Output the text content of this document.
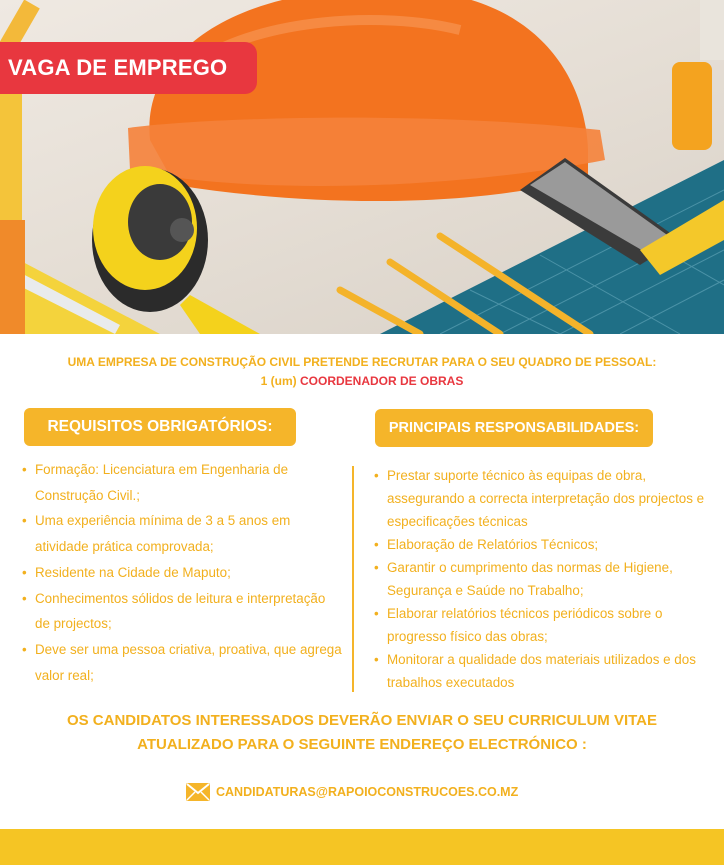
VAGA DE EMPREGO
UMA EMPRESA DE CONSTRUÇÃO CIVIL PRETENDE RECRUTAR PARA O SEU QUADRO DE PESSOAL:
1 (um) COORDENADOR DE OBRAS
REQUISITOS OBRIGATÓRIOS:	PRINCIPAIS RESPONSABILIDADES:
• Formação: Licenciatura em Engenharia de Construção Civil.;
• Uma experiência mínima de 3 a 5 anos em atividade prática comprovada;
• Residente na Cidade de Maputo;
• Conhecimentos sólidos de leitura e interpretação de projectos;
• Deve ser uma pessoa criativa, proativa, que agrega valor real;
• Prestar suporte técnico às equipas de obra, assegurando a correcta interpretação dos projectos e especificações técnicas
• Elaboração de Relatórios Técnicos;
• Garantir o cumprimento das normas de Higiene, Segurança e Saúde no Trabalho;
• Elaborar relatórios técnicos periódicos sobre o progresso físico das obras;
• Monitorar a qualidade dos materiais utilizados e dos trabalhos executados
OS CANDIDATOS INTERESSADOS DEVERÃO ENVIAR O SEU CURRICULUM VITAE
ATUALIZADO PARA O SEGUINTE ENDEREÇO ELECTRÓNICO :
CANDIDATURAS@RAPOIOCONSTRUCOES.CO.MZ
